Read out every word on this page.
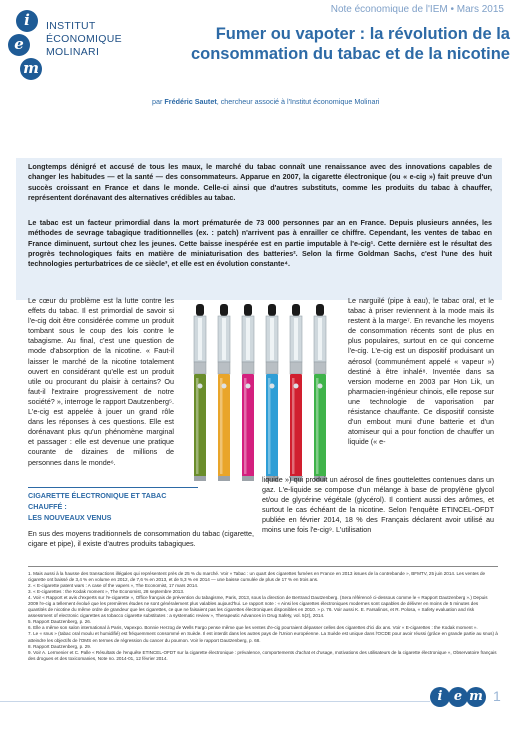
i
e
m
INSTITUT
ÉCONOMIQUE
MOLINARI
Note économique de l'IEM • Mars 2015
Fumer ou vapoter : la révolution de la
consommation du tabac et de la nicotine
par Frédéric Sautet, chercheur associé à l'Institut économique Molinari
Longtemps dénigré et accusé de tous les maux, le marché du tabac connaît une renaissance avec des innovations capables de changer les habitudes — et la santé — des consommateurs. Apparue en 2007, la cigarette électronique (ou « e-cig ») fait preuve d'un succès croissant en France et dans le monde. Celle-ci ainsi que d'autres substituts, comme les produits du tabac à chauffer, représentent dorénavant des alternatives crédibles au tabac.
Le tabac est un facteur primordial dans la mort prématurée de 73 000 personnes par an en France. Depuis plusieurs années, les méthodes de sevrage tabagique traditionnelles (ex. : patch) n'arrivent pas à enrailler ce chiffre. Cependant, les ventes de tabac en France diminuent, surtout chez les jeunes. Cette baisse inespérée est en partie imputable à l'e-cig¹. Cette dernière est le résultat des progrès technologiques faits en matière de miniaturisation des batteries². Selon la firme Goldman Sachs, c'est l'une des huit technologies perturbatrices de ce siècle³, et elle est en évolution constante⁴.
Le cœur du problème est la lutte contre les effets du tabac. Il est primordial de savoir si l'e-cig doit être considérée comme un produit tombant sous le coup des lois contre le tabagisme. Au final, c'est une question de mode d'absorption de la nicotine. « Faut-il laisser le marché de la nicotine totalement ouvert en considérant qu'elle est un produit utile ou procurant du plaisir à certains? Ou faut-il l'extraire progressivement de notre société? », interroge le rapport Dautzenberg⁵. L'e-cig est appelée à jouer un grand rôle dans les réponses à ces questions. Elle est dorénavant plus qu'un phénomène marginal et passager : elle est devenue une pratique courante de dizaines de millions de personnes dans le monde⁶.
Le narguilé (pipe à eau), le tabac oral, et le tabac à priser reviennent à la mode mais ils restent à la marge⁷. En revanche les moyens de consommation récents sont de plus en plus populaires, surtout en ce qui concerne l'e-cig. L'e-cig est un dispositif produisant un aérosol (communément appelé « vapeur ») destiné à être inhalé⁸. Inventée dans sa version moderne en 2003 par Hon Lik, un pharmacien-ingénieur chinois, elle repose sur une technologie de vaporisation par résistance chauffante. Ce dispositif consiste d'un embout muni d'une batterie et d'un atomiseur qui a pour fonction de chauffer un liquide (« e-
CIGARETTE ÉLECTRONIQUE ET TABAC CHAUFFÉ :
LES NOUVEAUX VENUS
En sus des moyens traditionnels de consommation du tabac (cigarette, cigare et pipe), il existe d'autres produits tabagiques.
liquide ») qui produit un aérosol de fines gouttelettes contenues dans un gaz. L'e-liquide se compose d'un mélange à base de propylène glycol et/ou de glycérine végétale (glycérol). Il contient aussi des arômes, et surtout le cas échéant de la nicotine. Selon l'enquête ETINCEL-OFDT publiée en février 2014, 18 % des Français déclarent avoir utilisé au moins une fois l'e-cig⁹. L'utilisation
1. Mais aussi à la hausse des transactions illégales qui représentent près de 25 % du marché. Voir « Tabac : un quart des cigarettes fumées en France en 2013 issues de la contrebande », BFMTV, 25 juin 2014. Les ventes de cigarette ont baissé de 3,4 % en volume en 2012, de 7,6 % en 2013, et de 5,3 % en 2014 — une baisse cumulée de plus de 17 % en trois ans.
2. « E-cigarette patent wars : A case of the vapers », The Economist, 17 mars 2014.
3. « E-cigarettes : the Kodak moment », The Economist, 28 septembre 2013.
4. Voir « Rapport et avis d'experts sur l'e-cigarette », Office français de prévention du tabagisme, Paris, 2013, sous la direction de Bertrand Dautzenberg. (Sera référencé ci-dessous comme le « Rapport Dautzenberg ».) Depuis 2009 l'e-cig a tellement évolué que les premières études ne sont généralement plus valables aujourd'hui. Le rapport note : « Ainsi les cigarettes électroniques modernes sont capables de délivrer en moins de 5 minutes des quantités de nicotine du même ordre de grandeur que les cigarettes, ce que ne faisaient pas les cigarettes électroniques disponibles en 2010. » p. 76. Voir aussi K. E. Farsalinos, et R. Polosa, « Safety evaluation and risk assessment of electronic cigarettes as tobacco cigarette substitutes : a systematic review », Therapeutic Advances in Drug Safety, vol. 5(2), 2014.
5. Rapport Dautzenberg, p. 26.
6. Elle a même son salon international à Paris, Vapexpo. Bonnie Herzog de Wells Fargo pense même que les ventes d'e-cig pourraient dépasser celles des cigarettes d'ici dix ans. Voir « E-cigarettes : the Kodak moment ».
7. Le « snus » (tabac oral moulu et humidifié) est fréquemment consommé en Suède. Il est interdit dans les autres pays de l'Union européenne. La Suède est unique dans l'OCDE pour avoir réussi (grâce en grande partie au snus) à atteindre les objectifs de l'OMS en termes de régression du cancer du poumon. Voir le rapport Dautzenberg, p. 68.
8. Rapport Dautzenberg, p. 29.
9. Voir A. Lermenier et C. Palle « Résultats de l'enquête ETINCEL-OFDT sur la cigarette électronique : prévalence, comportements d'achat et d'usage, motivations des utilisateurs de la cigarette électronique », Observatoire français des drogues et des toxicomanies, Note no. 2014-01, 12 février 2014.
i e m 1
